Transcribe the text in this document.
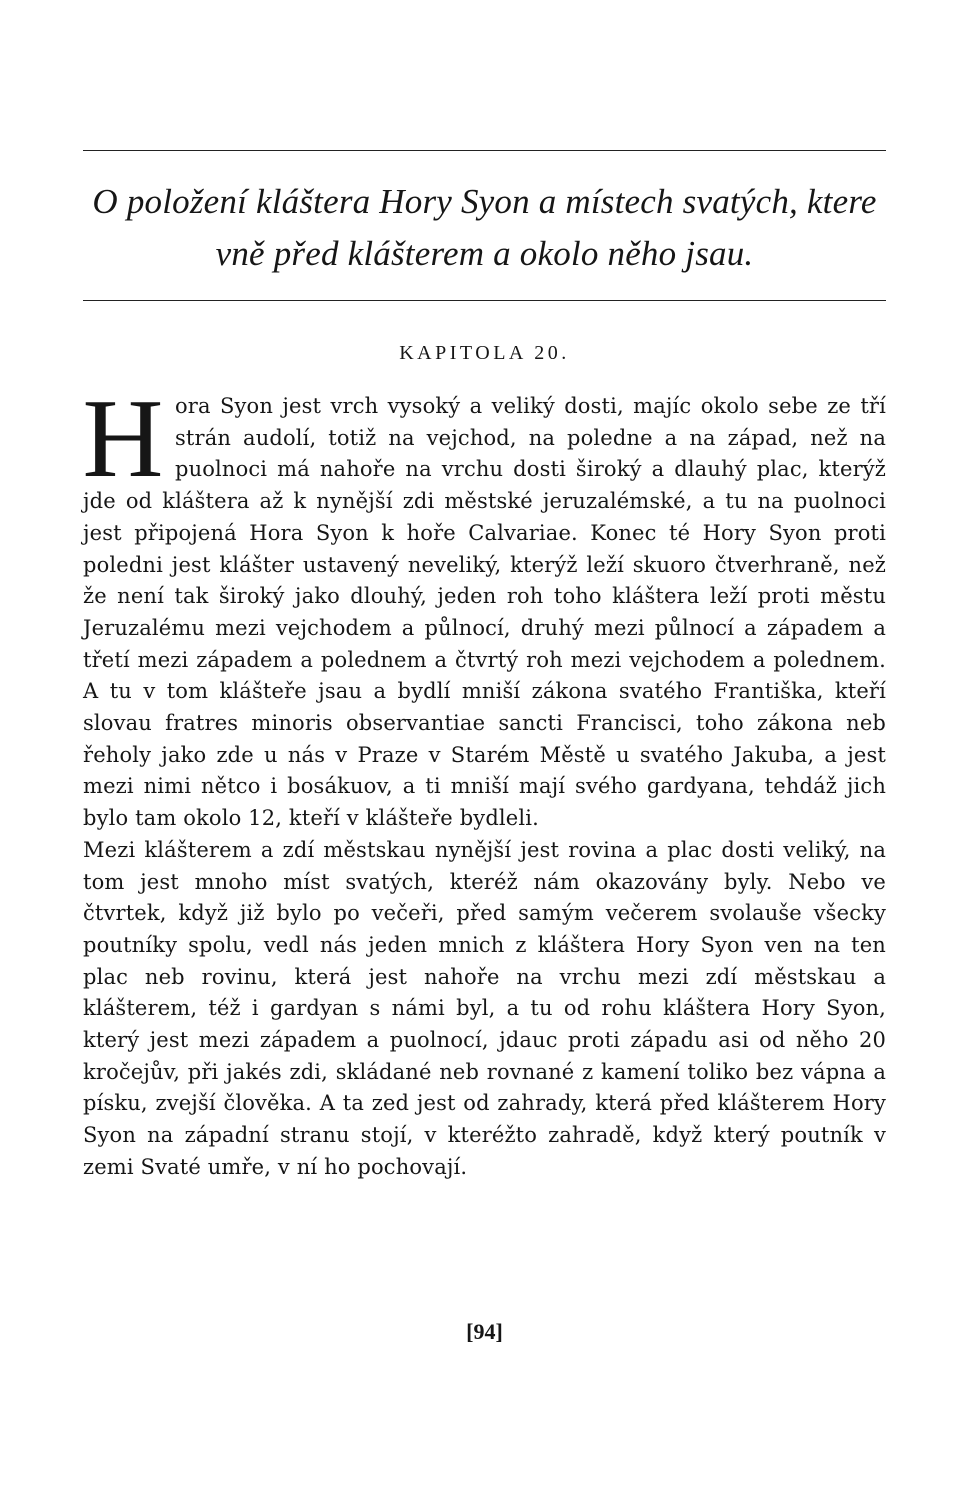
O položení kláštera Hory Syon a místech svatých, ktere
vně před klášterem a okolo něho jsau.
KAPITOLA 20.

Hora Syon jest vrch vysoký a veliký dosti, majíc okolo sebe ze tří strán audolí, totiž na vejchod, na poledne a na západ, než na puolnoci má nahoře na vrchu dosti široký a dlauhý plac, kterýž jde od kláštera až k nynější zdi městské jeruzalémské, a tu na puolnoci jest připojená Hora Syon k hoře Calvariae. Konec té Hory Syon proti poledni jest klášter ustavený neveliký, kterýž leží skuoro čtverhraně, než že není tak široký jako dlouhý, jeden roh toho kláštera leží proti městu Jeruzalému mezi vejchodem a půlnocí, druhý mezi půlnocí a západem a třetí mezi západem a polednem a čtvrtý roh mezi vejchodem a polednem. A tu v tom klášteře jsau a bydlí mniší zákona svatého Františka, kteří slovau fratres minoris observantiae sancti Francisci, toho zákona neb řeholy jako zde u nás v Praze v Starém Městě u svatého Jakuba, a jest mezi nimi nětco i bosákuov, a ti mniší mají svého gardyana, tehdáž jich bylo tam okolo 12, kteří v klášteře bydleli.

Mezi klášterem a zdí městskau nynější jest rovina a plac dosti veliký, na tom jest mnoho míst svatých, kteréž nám okazovány byly. Nebo ve čtvrtek, když již bylo po večeři, před samým večerem svolauše všecky poutníky spolu, vedl nás jeden mnich z kláštera Hory Syon ven na ten plac neb rovinu, která jest nahoře na vrchu mezi zdí městskau a klášterem, též i gardyan s námi byl, a tu od rohu kláštera Hory Syon, který jest mezi západem a puolnocí, jdauc proti západu asi od něho 20 kročejův, při jakés zdi, skládané neb rovnané z kamení toliko bez vápna a písku, zvejší člověka. A ta zed jest od zahrady, která před klášterem Hory Syon na západní stranu stojí, v kteréžto zahradě, když který poutník v zemi Svaté umře, v ní ho pochovají.

[94]
